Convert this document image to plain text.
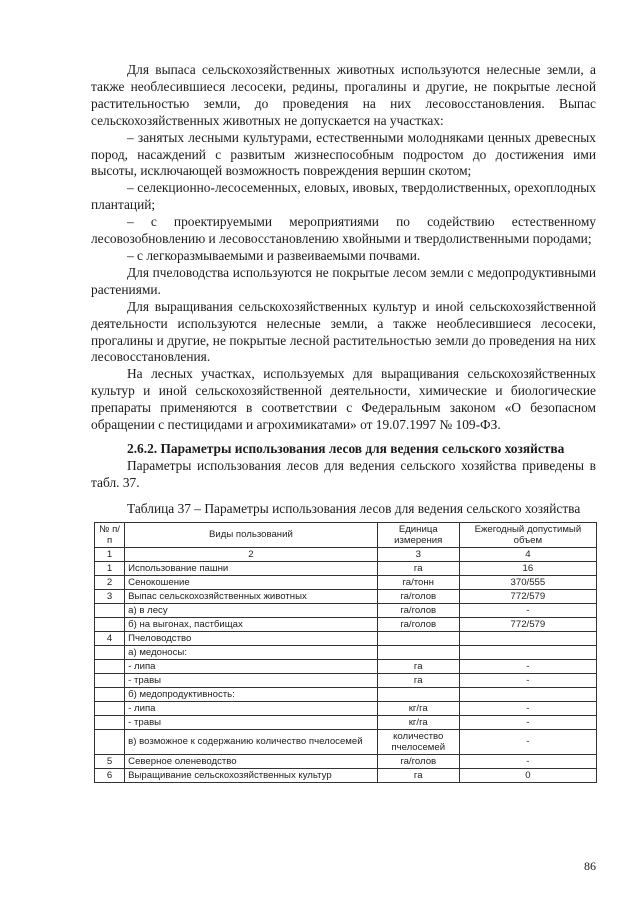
Для выпаса сельскохозяйственных животных используются нелесные земли, а также необлесившиеся лесосеки, редины, прогалины и другие, не покрытые лесной растительностью земли, до проведения на них лесовосстановления. Выпас сельскохозяйственных животных не допускается на участках:

– занятых лесными культурами, естественными молодняками ценных древесных пород, насаждений с развитым жизнеспособным подростом до достижения ими высоты, исключающей возможность повреждения вершин скотом;

– селекционно-лесосеменных, еловых, ивовых, твердолиственных, орехоплодных плантаций;

– с проектируемыми мероприятиями по содействию естественному лесовозобновлению и лесовосстановлению хвойными и твердолиственными породами;

– с легкоразмываемыми и развеиваемыми почвами.

Для пчеловодства используются не покрытые лесом земли с медопродуктивными растениями.

Для выращивания сельскохозяйственных культур и иной сельскохозяйственной деятельности используются нелесные земли, а также необлесившиеся лесосеки, прогалины и другие, не покрытые лесной растительностью земли до проведения на них лесовосстановления.

На лесных участках, используемых для выращивания сельскохозяйственных культур и иной сельскохозяйственной деятельности, химические и биологические препараты применяются в соответствии с Федеральным законом «О безопасном обращении с пестицидами и агрохимикатами» от 19.07.1997 № 109-ФЗ.

2.6.2. Параметры использования лесов для ведения сельского хозяйства

Параметры использования лесов для ведения сельского хозяйства приведены в табл. 37.

Таблица 37 – Параметры использования лесов для ведения сельского хозяйства

№ п/п	Виды пользований	Единица измерения	Ежегодный допустимый объем
1	2	3	4
1	Использование пашни	га	16
2	Сенокошение	га/тонн	370/555
3	Выпас сельскохозяйственных животных	га/голов	772/579
	а) в лесу	га/голов	-
	б) на выгонах, пастбищах	га/голов	772/579
4	Пчеловодство		
	а) медоносы:		
	- липа	га	-
	- травы	га	-
	б) медопродуктивность:		
	- липа	кг/га	-
	- травы	кг/га	-
	в) возможное к содержанию количество пчелосемей	количество пчелосемей	-
5	Северное оленеводство	га/голов	-
6	Выращивание сельскохозяйственных культур	га	0
86
